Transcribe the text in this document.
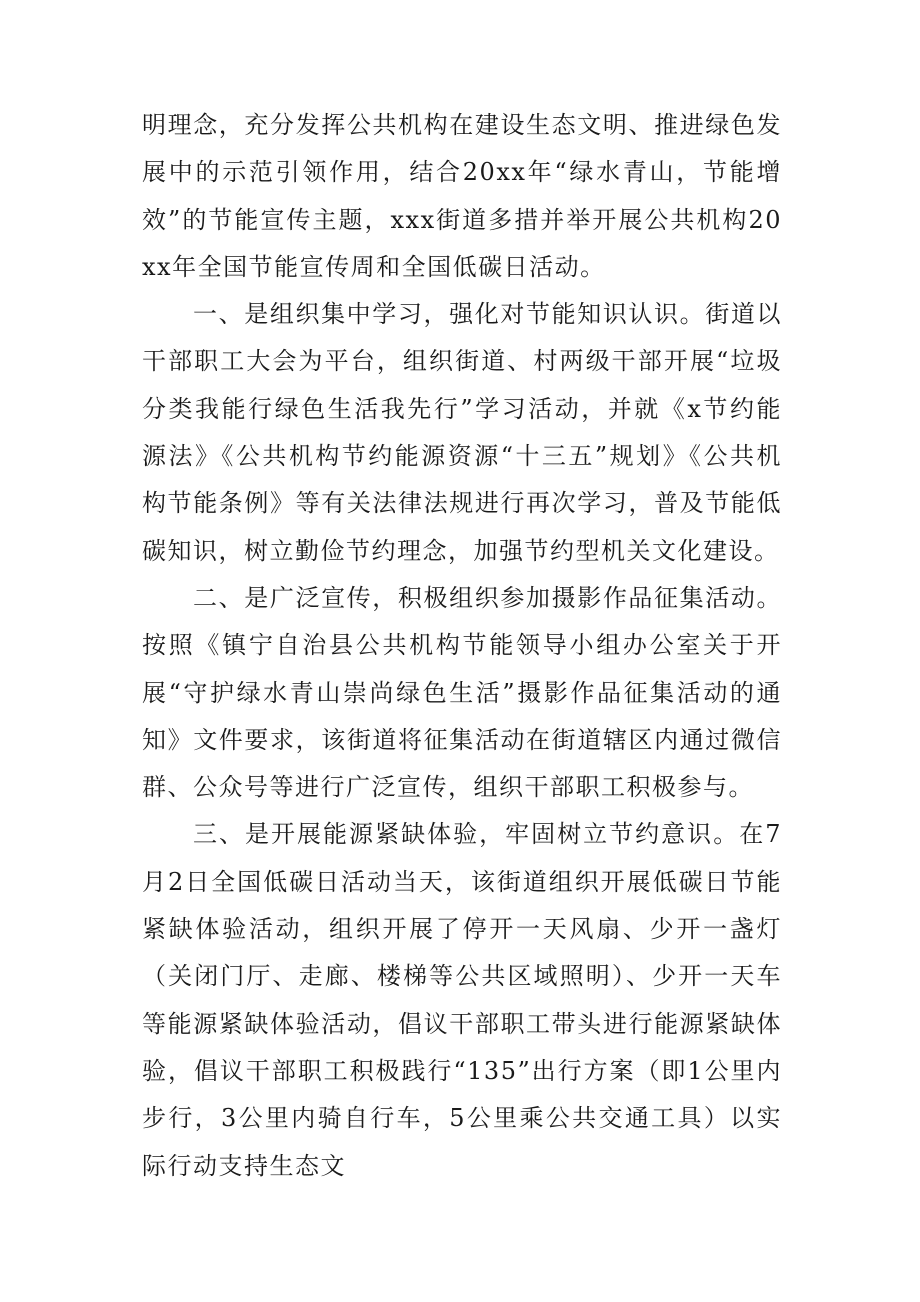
明理念，充分发挥公共机构在建设生态文明、推进绿色发展中的示范引领作用，结合20xx年“绿水青山，节能增效”的节能宣传主题，xxx街道多措并举开展公共机构20xx年全国节能宣传周和全国低碳日活动。

一、是组织集中学习，强化对节能知识认识。街道以干部职工大会为平台，组织街道、村两级干部开展“垃圾分类我能行绿色生活我先行”学习活动，并就《x节约能源法》《公共机构节约能源资源“十三五”规划》《公共机构节能条例》等有关法律法规进行再次学习，普及节能低碳知识，树立勤俭节约理念，加强节约型机关文化建设。

二、是广泛宣传，积极组织参加摄影作品征集活动。按照《镇宁自治县公共机构节能领导小组办公室关于开展“守护绿水青山崇尚绿色生活”摄影作品征集活动的通知》文件要求，该街道将征集活动在街道辖区内通过微信群、公众号等进行广泛宣传，组织干部职工积极参与。

三、是开展能源紧缺体验，牢固树立节约意识。在7月2日全国低碳日活动当天，该街道组织开展低碳日节能紧缺体验活动，组织开展了停开一天风扇、少开一盏灯（关闭门厅、走廊、楼梯等公共区域照明）、少开一天车等能源紧缺体验活动，倡议干部职工带头进行能源紧缺体验，倡议干部职工积极践行“135”出行方案（即1公里内步行，3公里内骑自行车，5公里乘公共交通工具）以实际行动支持生态文
